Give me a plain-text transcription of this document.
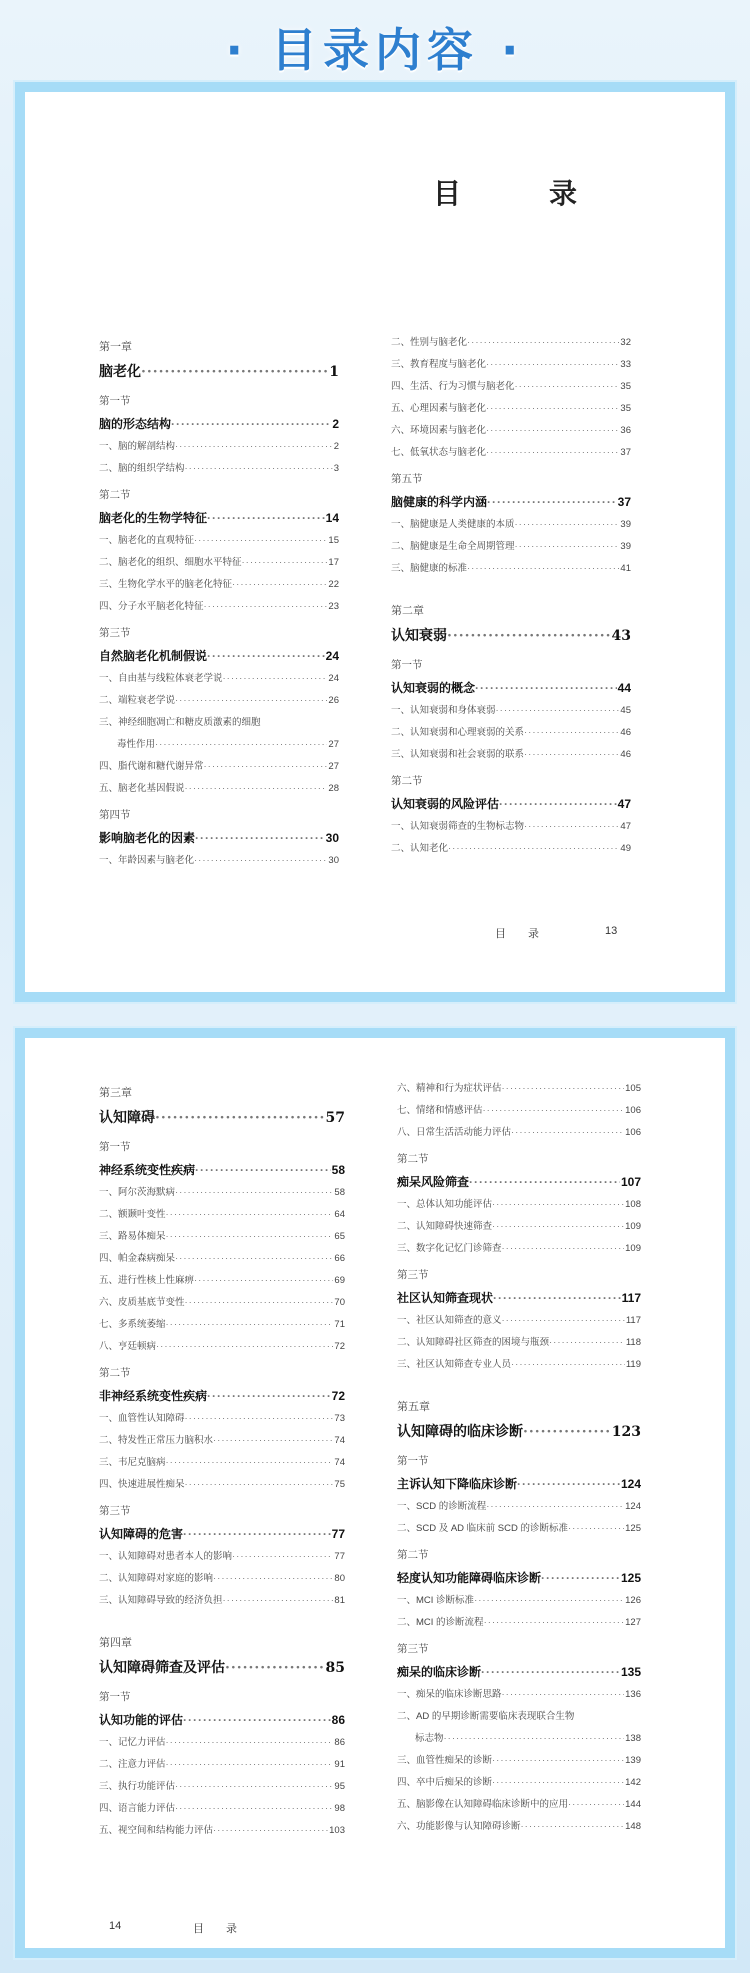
· 目录内容 ·
目　录
第一章
脑老化 ·····	1
第一节
脑的形态结构 ·····	2
一、脑的解剖结构 ·····	2
二、脑的组织学结构 ·····	3
第二节
脑老化的生物学特征 ·····	14
一、脑老化的直观特征 ·····	15
二、脑老化的组织、细胞水平特征 ·····	17
三、生物化学水平的脑老化特征 ·····	22
四、分子水平脑老化特征 ·····	23
第三节
自然脑老化机制假说 ·····	24
一、自由基与线粒体衰老学说 ·····	24
二、端粒衰老学说 ·····	26
三、神经细胞凋亡和糖皮质激素的细胞
毒性作用 ·····	27
四、脂代谢和糖代谢异常 ·····	27
五、脑老化基因假说 ·····	28
第四节
影响脑老化的因素 ·····	30
一、年龄因素与脑老化 ·····	30
二、性别与脑老化 ·····	32
三、教育程度与脑老化 ·····	33
四、生活、行为习惯与脑老化 ·····	35
五、心理因素与脑老化 ·····	35
六、环境因素与脑老化 ·····	36
七、低氧状态与脑老化 ·····	37
第五节
脑健康的科学内涵 ·····	37
一、脑健康是人类健康的本质 ·····	39
二、脑健康是生命全周期管理 ·····	39
三、脑健康的标准 ·····	41
第二章
认知衰弱 ·····	43
第一节
认知衰弱的概念 ·····	44
一、认知衰弱和身体衰弱 ·····	45
二、认知衰弱和心理衰弱的关系 ·····	46
三、认知衰弱和社会衰弱的联系 ·····	46
第二节
认知衰弱的风险评估 ·····	47
一、认知衰弱筛查的生物标志物 ·····	47
二、认知老化 ·····	49
目　　录	13
第三章
认知障碍 ·····	57
第一节
神经系统变性疾病 ·····	58
一、阿尔茨海默病 ·····	58
二、额颞叶变性 ·····	64
三、路易体痴呆 ·····	65
四、帕金森病痴呆 ·····	66
五、进行性核上性麻痹 ·····	69
六、皮质基底节变性 ·····	70
七、多系统萎缩 ·····	71
八、亨廷顿病 ·····	72
第二节
非神经系统变性疾病 ·····	72
一、血管性认知障碍 ·····	73
二、特发性正常压力脑积水 ·····	74
三、韦尼克脑病 ·····	74
四、快速进展性痴呆 ·····	75
第三节
认知障碍的危害 ·····	77
一、认知障碍对患者本人的影响 ·····	77
二、认知障碍对家庭的影响 ·····	80
三、认知障碍导致的经济负担 ·····	81
第四章
认知障碍筛查及评估 ·····	85
第一节
认知功能的评估 ·····	86
一、记忆力评估 ·····	86
二、注意力评估 ·····	91
三、执行功能评估 ·····	95
四、语言能力评估 ·····	98
五、视空间和结构能力评估 ·····	103
六、精神和行为症状评估 ·····	105
七、情绪和情感评估 ·····	106
八、日常生活活动能力评估 ·····	106
第二节
痴呆风险筛查 ·····	107
一、总体认知功能评估 ·····	108
二、认知障碍快速筛查 ·····	109
三、数字化记忆门诊筛查 ·····	109
第三节
社区认知筛查现状 ·····	117
一、社区认知筛查的意义 ·····	117
二、认知障碍社区筛查的困境与瓶颈 ·····	118
三、社区认知筛查专业人员 ·····	119
第五章
认知障碍的临床诊断 ·····	123
第一节
主诉认知下降临床诊断 ·····	124
一、SCD 的诊断流程 ·····	124
二、SCD 及 AD 临床前 SCD 的诊断标准 ·····	125
第二节
轻度认知功能障碍临床诊断 ·····	125
一、MCI 诊断标准 ·····	126
二、MCI 的诊断流程 ·····	127
第三节
痴呆的临床诊断 ·····	135
一、痴呆的临床诊断思路 ·····	136
二、AD 的早期诊断需要临床表现联合生物
标志物 ·····	138
三、血管性痴呆的诊断 ·····	139
四、卒中后痴呆的诊断 ·····	142
五、脑影像在认知障碍临床诊断中的应用 ·····	144
六、功能影像与认知障碍诊断 ·····	148
14	目　　录
